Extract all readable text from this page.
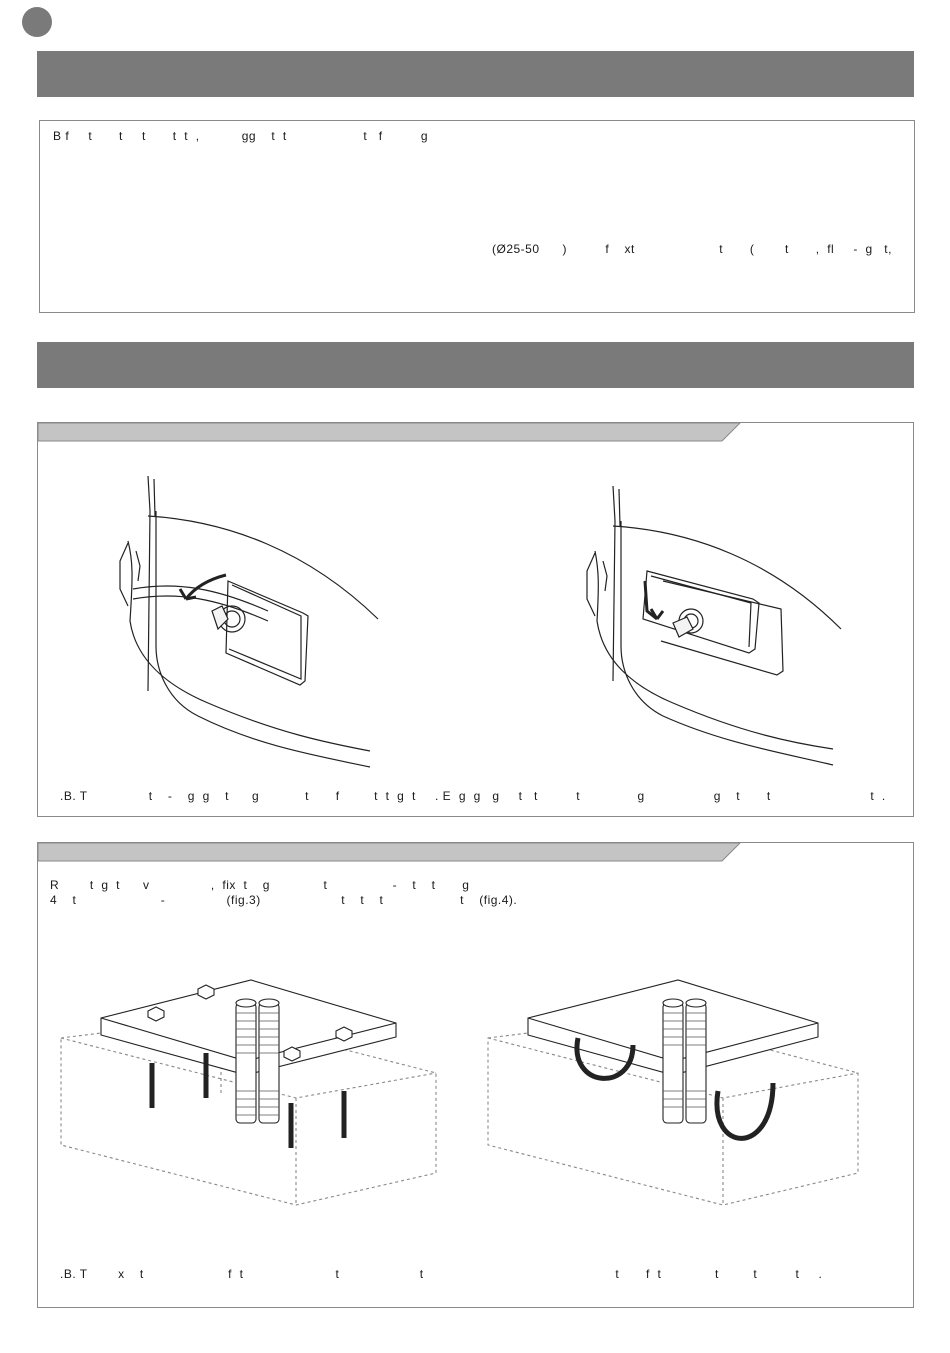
B f     t       t     t       t  t  ,           gg    t  t                    t   f          g
(Ø25-50      )          f    xt                      t       (        t       ,  fl     -  g   t,
.B. T                t    -    g  g    t      g            t       f         t  t  g  t     . E  g  g   g     t   t          t               g                  g    t       t                          t  .
R        t  g  t      v                ,  fix  t    g              t                 -    t    t       g
4    t                      -                (fig.3)                     t    t    t                    t    (fig.4).
.B. T        x    t                      f  t                        t                     t                                                  t       f  t              t         t          t     .
